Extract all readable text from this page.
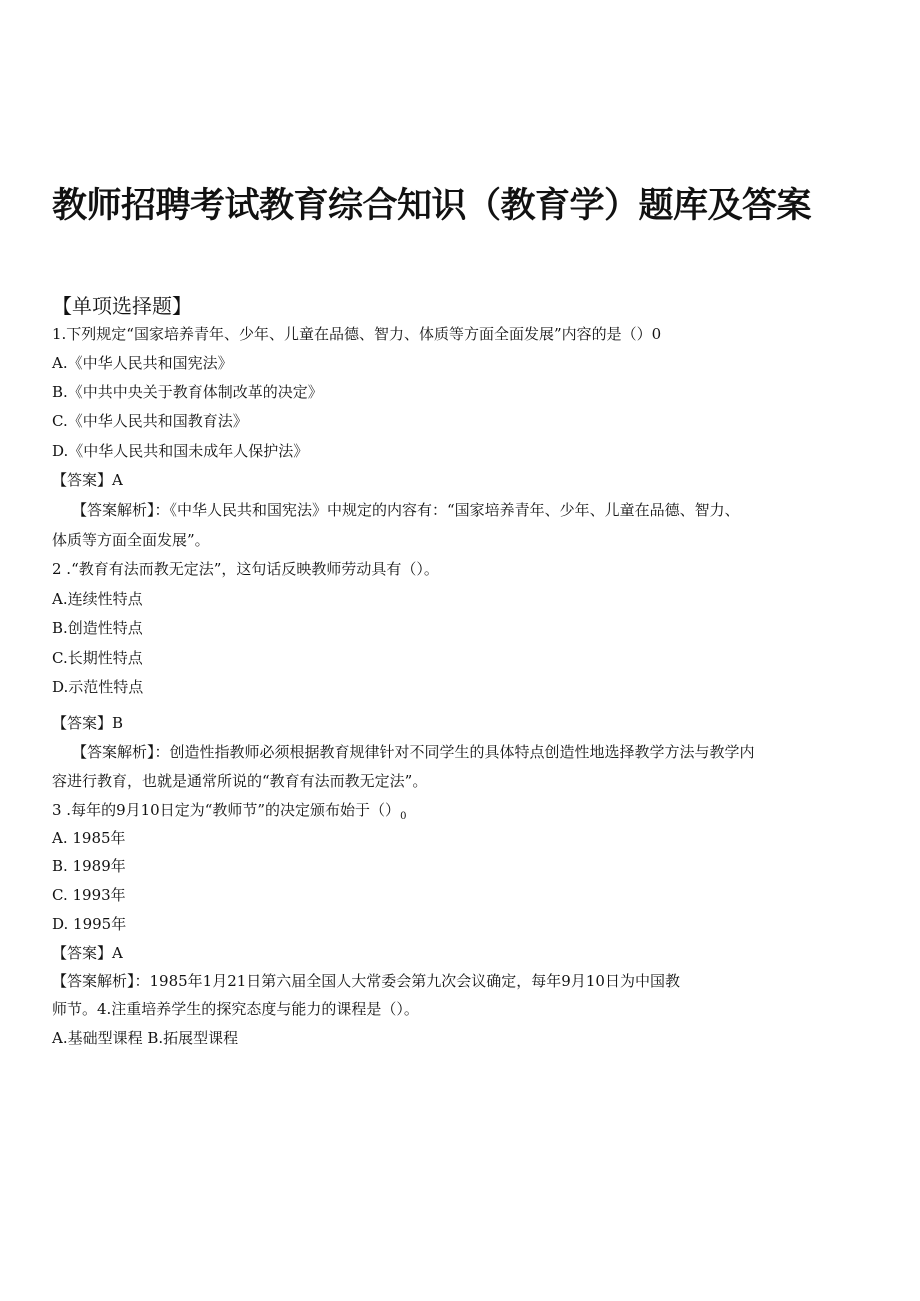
教师招聘考试教育综合知识（教育学）题库及答案
【单项选择题】
1.下列规定“国家培养青年、少年、儿童在品德、智力、体质等方面全面发展”内容的是（）0
A.《中华人民共和国宪法》
B.《中共中央关于教育体制改革的决定》
C.《中华人民共和国教育法》
D.《中华人民共和国未成年人保护法》
【答案】A
【答案解析】：《中华人民共和国宪法》中规定的内容有：“国家培养青年、少年、儿童在品德、智力、
体质等方面全面发展”。
2 .“教育有法而教无定法”，这句话反映教师劳动具有（）。
A.连续性特点
B.创造性特点
C.长期性特点
D.示范性特点
【答案】B
【答案解析】：创造性指教师必须根据教育规律针对不同学生的具体特点创造性地选择教学方法与教学内
容进行教育，也就是通常所说的“教育有法而教无定法”。
3 .每年的9月10日定为“教师节”的决定颁布始于$()_0$
A. 1985年
B. 1989年
C. 1993年
D. 1995年
【答案】A
【答案解析】：1985年1月21日第六届全国人大常委会第九次会议确定，每年9月10日为中国教
师节。4.注重培养学生的探究态度与能力的课程是（）。
A.基础型课程 B.拓展型课程
